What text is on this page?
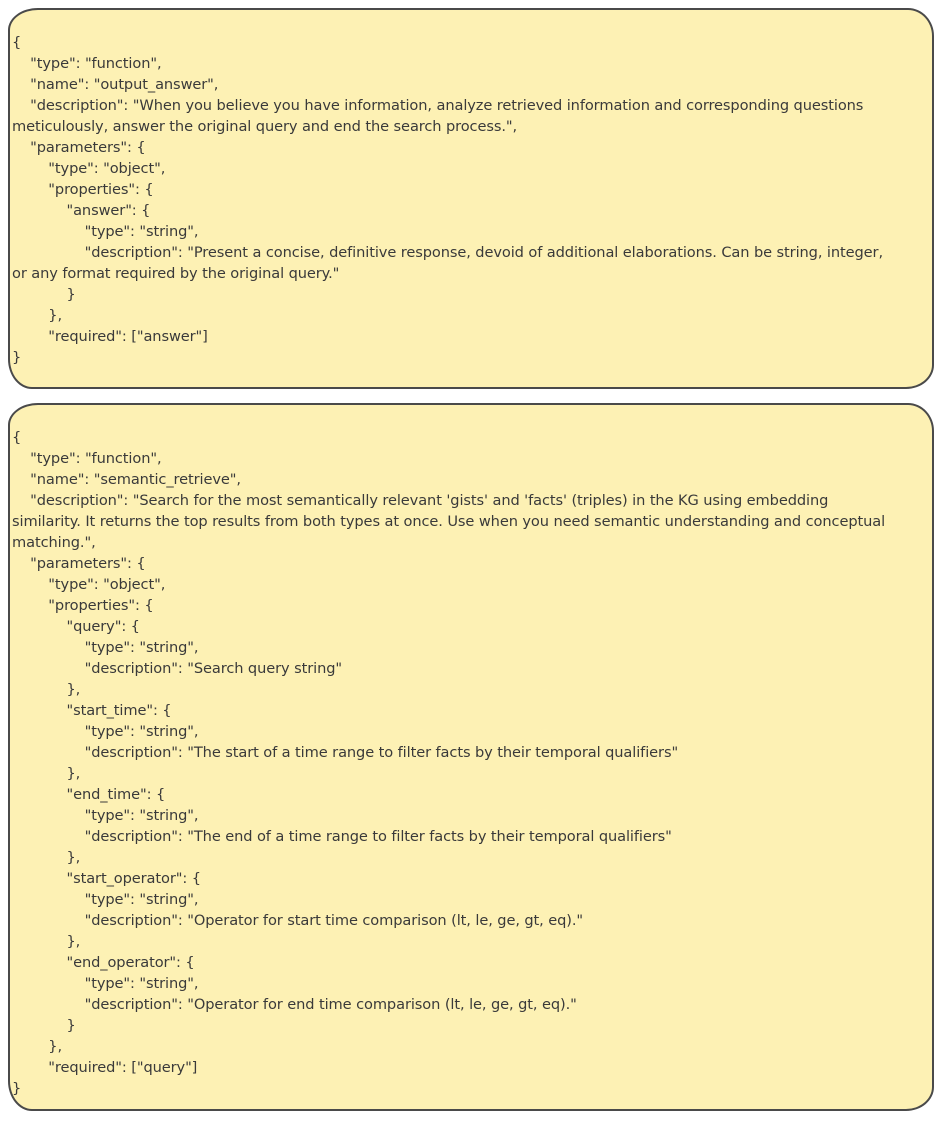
{
"type": "function",
"name": "output_answer",
"description": "When you believe you have information, analyze retrieved information and corresponding questions
meticulously, answer the original query and end the search process.",
"parameters": {
"type": "object",
"properties": {
"answer": {
"type": "string",
"description": "Present a concise, definitive response, devoid of additional elaborations. Can be string, integer,
or any format required by the original query."
}
},
"required": ["answer"]
}
{
"type": "function",
"name": "semantic_retrieve",
"description": "Search for the most semantically relevant 'gists' and 'facts' (triples) in the KG using embedding
similarity. It returns the top results from both types at once. Use when you need semantic understanding and conceptual
matching.",
"parameters": {
"type": "object",
"properties": {
"query": {
"type": "string",
"description": "Search query string"
},
"start_time": {
"type": "string",
"description": "The start of a time range to filter facts by their temporal qualifiers"
},
"end_time": {
"type": "string",
"description": "The end of a time range to filter facts by their temporal qualifiers"
},
"start_operator": {
"type": "string",
"description": "Operator for start time comparison (lt, le, ge, gt, eq)."
},
"end_operator": {
"type": "string",
"description": "Operator for end time comparison (lt, le, ge, gt, eq)."
}
},
"required": ["query"]
}
